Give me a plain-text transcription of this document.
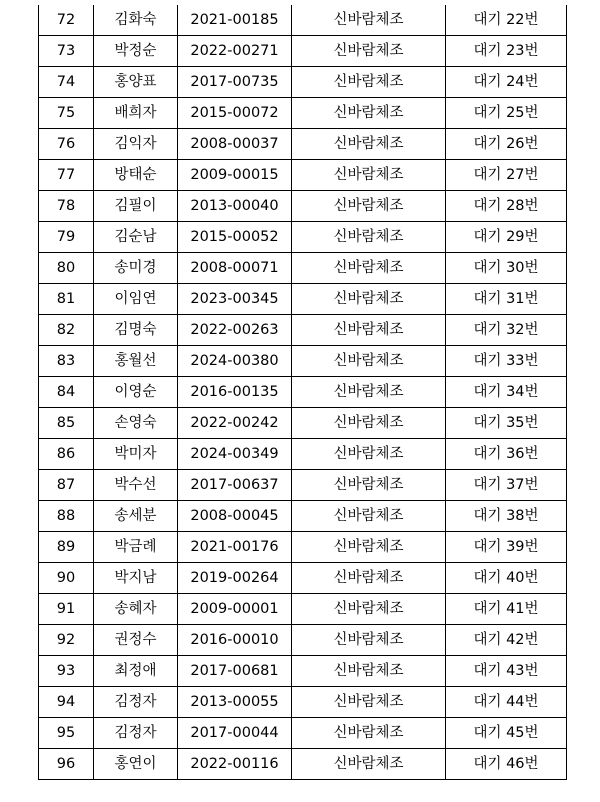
72	김화숙	2021-00185	신바람체조	대기 22번
73	박정순	2022-00271	신바람체조	대기 23번
74	홍양표	2017-00735	신바람체조	대기 24번
75	배희자	2015-00072	신바람체조	대기 25번
76	김익자	2008-00037	신바람체조	대기 26번
77	방태순	2009-00015	신바람체조	대기 27번
78	김필이	2013-00040	신바람체조	대기 28번
79	김순남	2015-00052	신바람체조	대기 29번
80	송미경	2008-00071	신바람체조	대기 30번
81	이임연	2023-00345	신바람체조	대기 31번
82	김명숙	2022-00263	신바람체조	대기 32번
83	홍월선	2024-00380	신바람체조	대기 33번
84	이영순	2016-00135	신바람체조	대기 34번
85	손영숙	2022-00242	신바람체조	대기 35번
86	박미자	2024-00349	신바람체조	대기 36번
87	박수선	2017-00637	신바람체조	대기 37번
88	송세분	2008-00045	신바람체조	대기 38번
89	박금례	2021-00176	신바람체조	대기 39번
90	박지남	2019-00264	신바람체조	대기 40번
91	송혜자	2009-00001	신바람체조	대기 41번
92	권정수	2016-00010	신바람체조	대기 42번
93	최정애	2017-00681	신바람체조	대기 43번
94	김정자	2013-00055	신바람체조	대기 44번
95	김정자	2017-00044	신바람체조	대기 45번
96	홍연이	2022-00116	신바람체조	대기 46번
